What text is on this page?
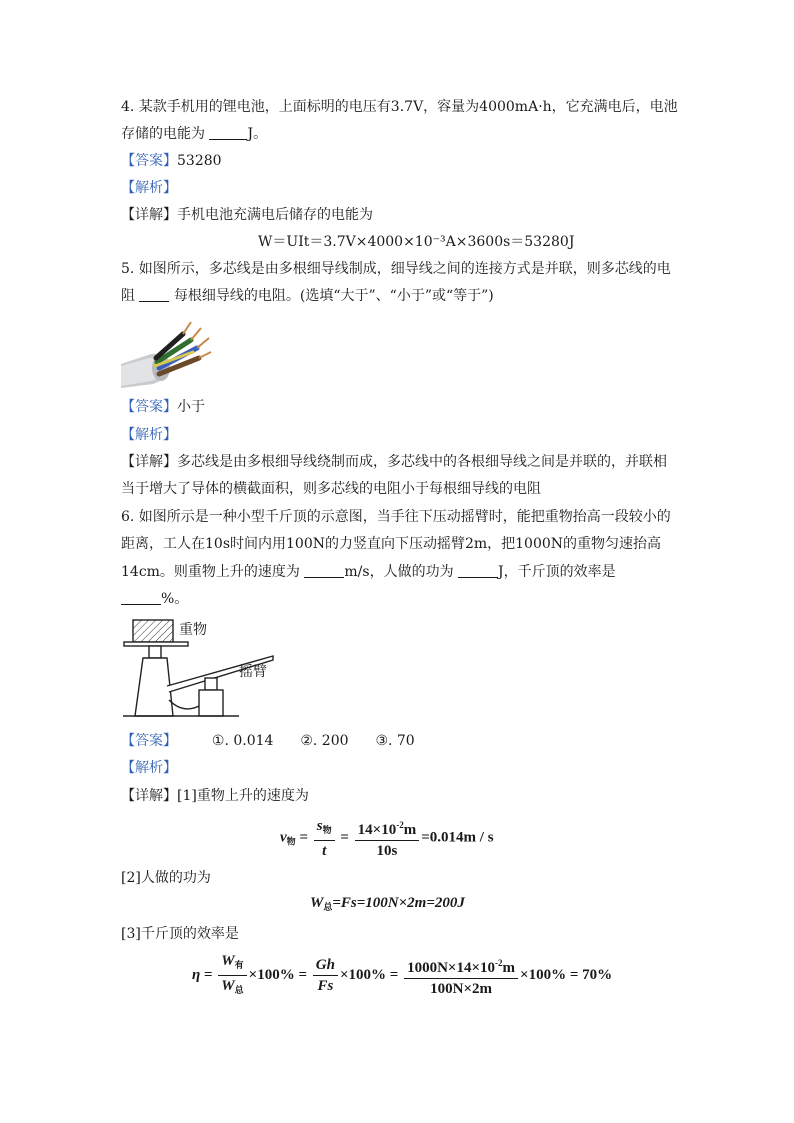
4. 某款手机用的锂电池，上面标明的电压有3.7V，容量为4000mA·h，它充满电后，电池
存储的电能为	J。
【答案】53280
【解析】
【详解】手机电池充满电后储存的电能为
W＝UIt＝3.7V×4000×10⁻³A×3600s＝53280J
5. 如图所示，多芯线是由多根细导线制成，细导线之间的连接方式是并联，则多芯线的电
阻	每根细导线的电阻。(选填“大于”、“小于”或“等于”)
【答案】小于
【解析】
【详解】多芯线是由多根细导线绕制而成，多芯线中的各根细导线之间是并联的，并联相
当于增大了导体的横截面积，则多芯线的电阻小于每根细导线的电阻
6. 如图所示是一种小型千斤顶的示意图，当手往下压动摇臂时，能把重物抬高一段较小的
距离，工人在10s时间内用100N的力竖直向下压动摇臂2m，把1000N的重物匀速抬高
14cm。则重物上升的速度为	m/s，人做的功为	J，千斤顶的效率是
%。
重物
摇臂
【答案】 ①. 0.014 ②. 200 ③. 70
【解析】
【详解】[1]重物上升的速度为
$v_物 = \frac{s_物}{t} = \frac{14\times 10^{-2}m}{10s} =0.014m / s$
[2]人做的功为
$W_总=Fs=100N\times 2m=200J$
[3]千斤顶的效率是
$\eta = \frac{W_有}{W_总} \times 100\% = \frac{Gh}{Fs} \times 100\% = \frac{1000N\times 14\times 10^{-2}m}{100N\times 2m} \times 100\% = 70\%$
